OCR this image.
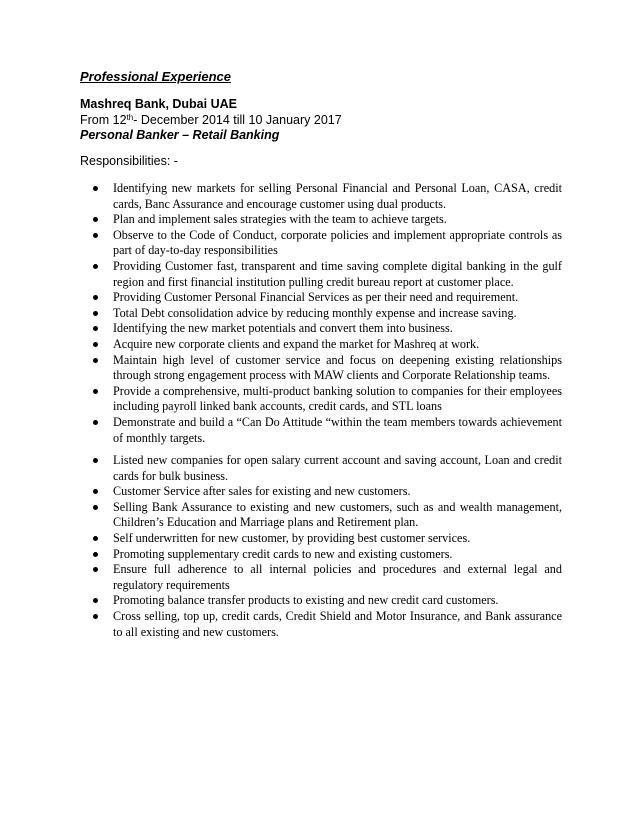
Professional Experience

Mashreq Bank, Dubai UAE

From 12th- December 2014 till 10 January 2017

Personal Banker – Retail Banking

Responsibilities: -

Identifying new markets for selling Personal Financial and Personal Loan, CASA, credit cards, Banc Assurance and encourage customer using dual products.
Plan and implement sales strategies with the team to achieve targets.
Observe to the Code of Conduct, corporate policies and implement appropriate controls as part of day-to-day responsibilities
Providing Customer fast, transparent and time saving complete digital banking in the gulf region and first financial institution pulling credit bureau report at customer place.
Providing Customer Personal Financial Services as per their need and requirement.
Total Debt consolidation advice by reducing monthly expense and increase saving.
Identifying the new market potentials and convert them into business.
Acquire new corporate clients and expand the market for Mashreq at work.
Maintain high level of customer service and focus on deepening existing relationships through strong engagement process with MAW clients and Corporate Relationship teams.
Provide a comprehensive, multi-product banking solution to companies for their employees including payroll linked bank accounts, credit cards, and STL loans
Demonstrate and build a “Can Do Attitude “within the team members towards achievement of monthly targets.
Listed new companies for open salary current account and saving account, Loan and credit cards for bulk business.
Customer Service after sales for existing and new customers.
Selling Bank Assurance to existing and new customers, such as and wealth management, Children’s Education and Marriage plans and Retirement plan.
Self underwritten for new customer, by providing best customer services.
Promoting supplementary credit cards to new and existing customers.
Ensure full adherence to all internal policies and procedures and external legal and regulatory requirements
Promoting balance transfer products to existing and new credit card customers.
Cross selling, top up, credit cards, Credit Shield and Motor Insurance, and Bank assurance to all existing and new customers.
